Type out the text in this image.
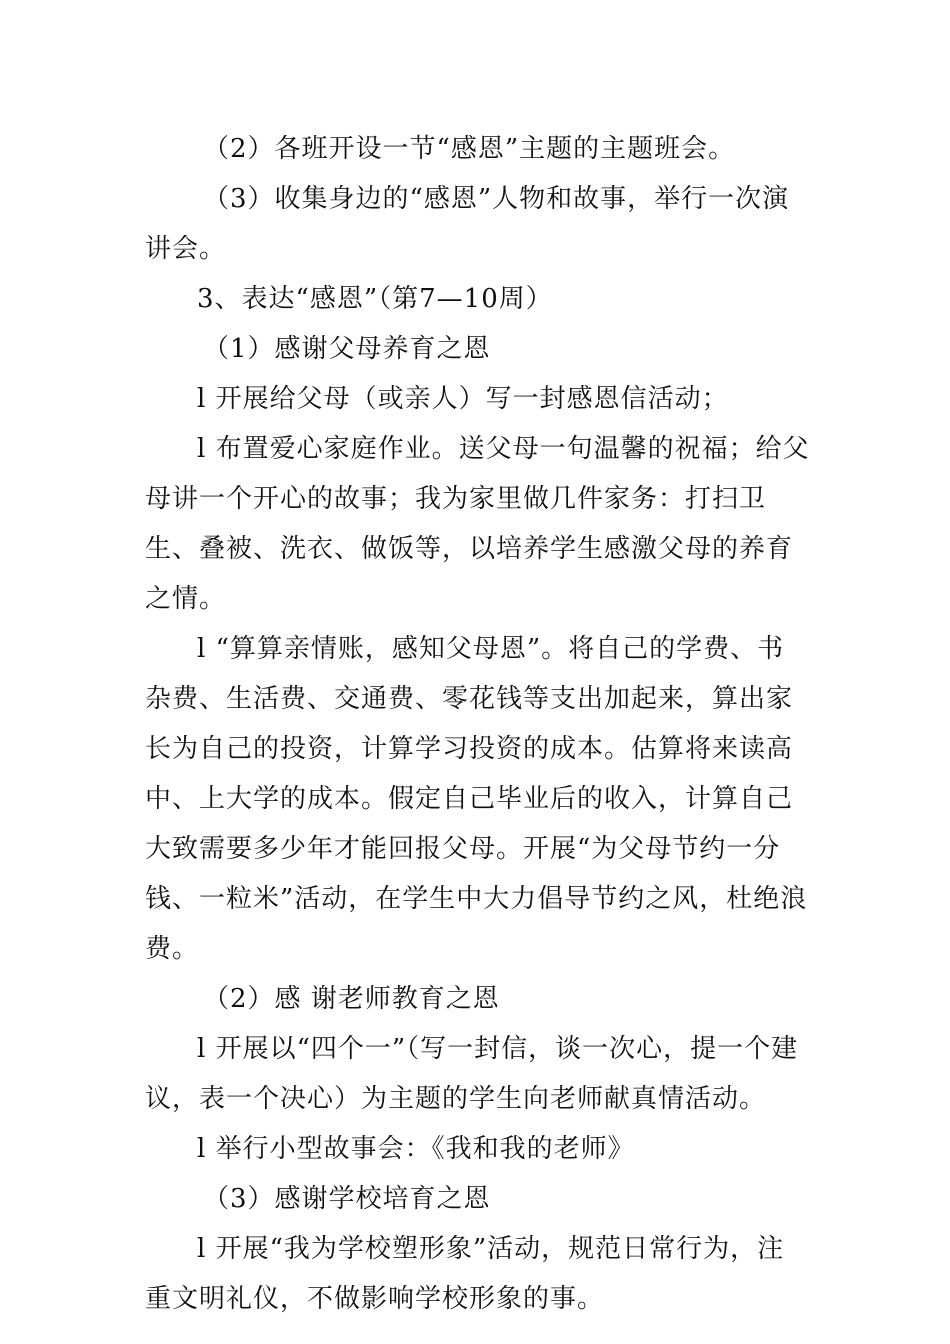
（2）各班开设一节“感恩”主题的主题班会。

（3）收集身边的“感恩”人物和故事，举行一次演讲会。

3、表达“感恩”（第7—10周）

（1）感谢父母养育之恩

l 开展给父母（或亲人）写一封感恩信活动；

l 布置爱心家庭作业。送父母一句温馨的祝福；给父母讲一个开心的故事；我为家里做几件家务：打扫卫生、叠被、洗衣、做饭等，以培养学生感激父母的养育之情。

l “算算亲情账，感知父母恩”。将自己的学费、书杂费、生活费、交通费、零花钱等支出加起来，算出家长为自己的投资，计算学习投资的成本。估算将来读高中、上大学的成本。假定自己毕业后的收入，计算自己大致需要多少年才能回报父母。开展“为父母节约一分钱、一粒米”活动，在学生中大力倡导节约之风，杜绝浪费。

（2）感 谢老师教育之恩

l 开展以“四个一”（写一封信，谈一次心，提一个建议，表一个决心）为主题的学生向老师献真情活动。

l 举行小型故事会：《我和我的老师》

（3）感谢学校培育之恩

l 开展“我为学校塑形象”活动，规范日常行为，注重文明礼仪，不做影响学校形象的事。
